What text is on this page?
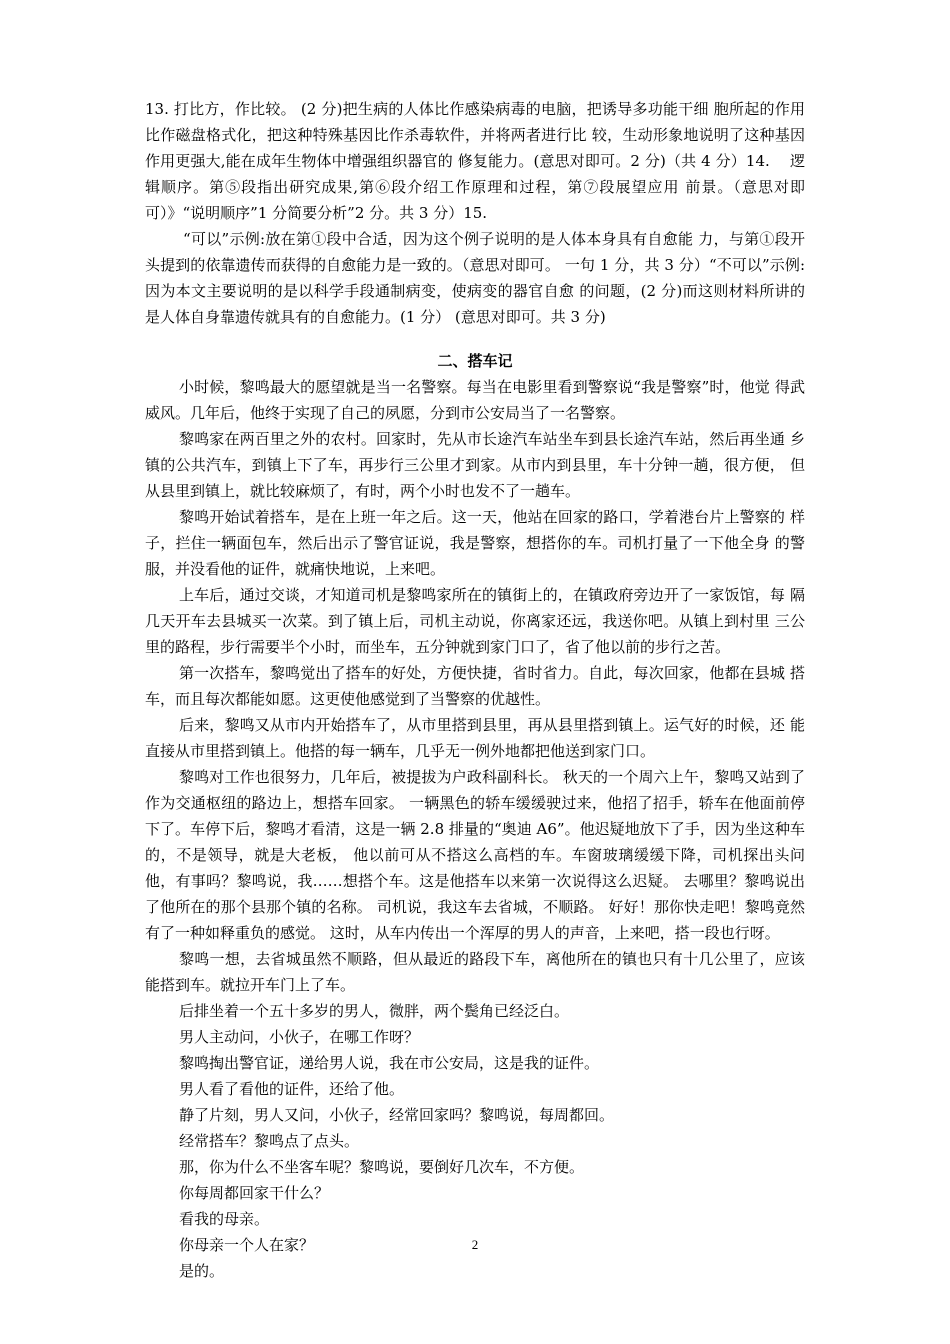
13. 打比方，作比较。 (2 分)把生病的人体比作感染病毒的电脑，把诱导多功能干细 胞所起的作用比作磁盘格式化，把这种特殊基因比作杀毒软件，并将两者进行比 较，生动形象地说明了这种基因作用更强大,能在成年生物体中增强组织器官的 修复能力。(意思对即可。2 分)（共 4 分）14.　 逻辑顺序。第⑤段指出研究成果,第⑥段介绍工作原理和过程，第⑦段展望应用 前景。（意思对即可）》“说明顺序”1 分简要分析”2 分。共 3 分）15.

“可以”示例:放在第①段中合适，因为这个例子说明的是人体本身具有自愈能 力，与第①段开头提到的依靠遗传而获得的自愈能力是一致的。（意思对即可。 一句 1 分，共 3 分）“不可以”示例:因为本文主要说明的是以科学手段通制病变，使病变的器官自愈 的问题，(2 分)而这则材料所讲的是人体自身靠遗传就具有的自愈能力。(1 分） (意思对即可。共 3 分)

二、搭车记

小时候，黎鸣最大的愿望就是当一名警察。每当在电影里看到警察说“我是警察”时，他觉 得武威风。几年后，他终于实现了自己的夙愿，分到市公安局当了一名警察。

黎鸣家在两百里之外的农村。回家时，先从市长途汽车站坐车到县长途汽车站，然后再坐通 乡镇的公共汽车，到镇上下了车，再步行三公里才到家。从市内到县里，车十分钟一趟，很方便， 但从县里到镇上，就比较麻烦了，有时，两个小时也发不了一趟车。

黎鸣开始试着搭车，是在上班一年之后。这一天，他站在回家的路口，学着港台片上警察的 样子，拦住一辆面包车，然后出示了警官证说，我是警察，想搭你的车。司机打量了一下他全身 的警服，并没看他的证件，就痛快地说，上来吧。

上车后，通过交谈，才知道司机是黎鸣家所在的镇街上的，在镇政府旁边开了一家饭馆，每 隔几天开车去县城买一次菜。到了镇上后，司机主动说，你离家还远，我送你吧。从镇上到村里 三公里的路程，步行需要半个小时，而坐车，五分钟就到家门口了，省了他以前的步行之苦。

第一次搭车，黎鸣觉出了搭车的好处，方便快捷，省时省力。自此，每次回家，他都在县城 搭车，而且每次都能如愿。这更使他感觉到了当警察的优越性。

后来，黎鸣又从市内开始搭车了，从市里搭到县里，再从县里搭到镇上。运气好的时候，还 能直接从市里搭到镇上。他搭的每一辆车，几乎无一例外地都把他送到家门口。

黎鸣对工作也很努力，几年后，被提拔为户政科副科长。 秋天的一个周六上午，黎鸣又站到了作为交通枢纽的路边上，想搭车回家。 一辆黑色的轿车缓缓驶过来，他招了招手，轿车在他面前停下了。车停下后，黎鸣才看清，这是一辆 2.8 排量的“奥迪 A6”。他迟疑地放下了手，因为坐这种车的，不是领导，就是大老板， 他以前可从不搭这么高档的车。车窗玻璃缓缓下降，司机探出头问他，有事吗？黎鸣说，我……想搭个车。这是他搭车以来第一次说得这么迟疑。 去哪里？黎鸣说出了他所在的那个县那个镇的名称。 司机说，我这车去省城，不顺路。 好好！那你快走吧！黎鸣竟然有了一种如释重负的感觉。 这时，从车内传出一个浑厚的男人的声音，上来吧，搭一段也行呀。

黎鸣一想，去省城虽然不顺路，但从最近的路段下车，离他所在的镇也只有十几公里了，应该能搭到车。就拉开车门上了车。

后排坐着一个五十多岁的男人，微胖，两个鬓角已经泛白。

男人主动问，小伙子，在哪工作呀？

黎鸣掏出警官证，递给男人说，我在市公安局，这是我的证件。

男人看了看他的证件，还给了他。

静了片刻，男人又问，小伙子，经常回家吗？黎鸣说，每周都回。

经常搭车？黎鸣点了点头。

那，你为什么不坐客车呢？黎鸣说，要倒好几次车，不方便。

你每周都回家干什么？

看我的母亲。

你母亲一个人在家？

是的。

2
